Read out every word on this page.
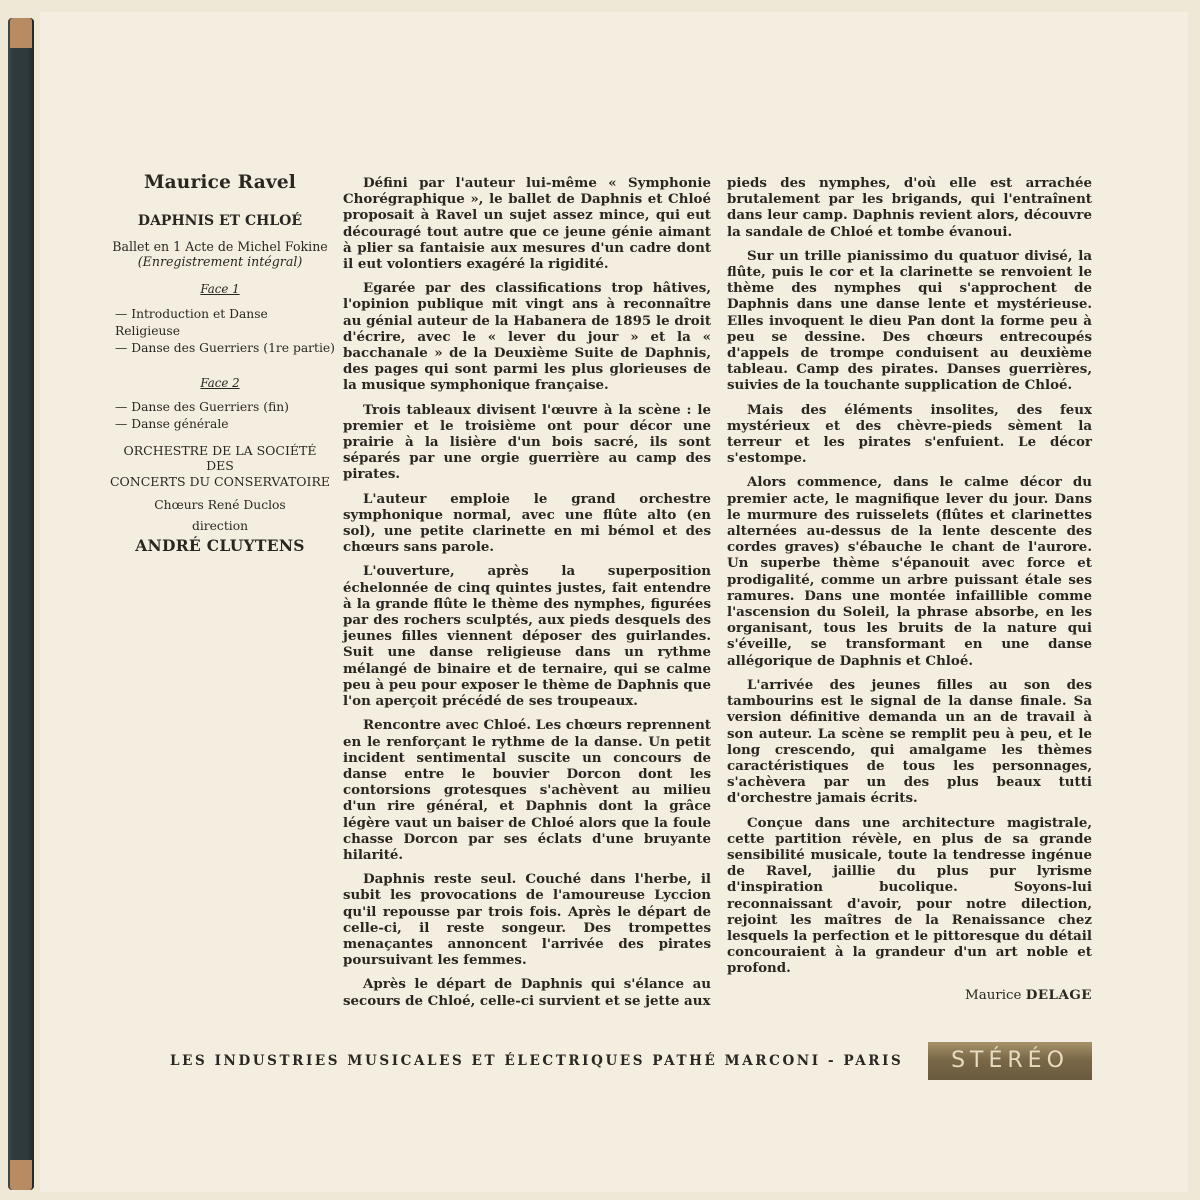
Maurice Ravel
DAPHNIS ET CHLOÉ
Ballet en 1 Acte de Michel Fokine
(Enregistrement intégral)
Face 1
— Introduction et Danse Religieuse
— Danse des Guerriers (1re partie)
Face 2
— Danse des Guerriers (fin)
— Danse générale
ORCHESTRE DE LA SOCIÉTÉ
DES
CONCERTS DU CONSERVATOIRE
Chœurs René Duclos
direction
ANDRÉ CLUYTENS

Défini par l'auteur lui-même « Symphonie Chorégraphique », le ballet de Daphnis et Chloé proposait à Ravel un sujet assez mince, qui eut découragé tout autre que ce jeune génie aimant à plier sa fantaisie aux mesures d'un cadre dont il eut volontiers exagéré la rigidité.

Egarée par des classifications trop hâtives, l'opinion publique mit vingt ans à reconnaître au génial auteur de la Habanera de 1895 le droit d'écrire, avec le « lever du jour » et la « bacchanale » de la Deuxième Suite de Daphnis, des pages qui sont parmi les plus glorieuses de la musique symphonique française.

Trois tableaux divisent l'œuvre à la scène : le premier et le troisième ont pour décor une prairie à la lisière d'un bois sacré, ils sont séparés par une orgie guerrière au camp des pirates.

L'auteur emploie le grand orchestre symphonique normal, avec une flûte alto (en sol), une petite clarinette en mi bémol et des chœurs sans parole.

L'ouverture, après la superposition échelonnée de cinq quintes justes, fait entendre à la grande flûte le thème des nymphes, figurées par des rochers sculptés, aux pieds desquels des jeunes filles viennent déposer des guirlandes. Suit une danse religieuse dans un rythme mélangé de binaire et de ternaire, qui se calme peu à peu pour exposer le thème de Daphnis que l'on aperçoit précédé de ses troupeaux.

Rencontre avec Chloé. Les chœurs reprennent en le renforçant le rythme de la danse. Un petit incident sentimental suscite un concours de danse entre le bouvier Dorcon dont les contorsions grotesques s'achèvent au milieu d'un rire général, et Daphnis dont la grâce légère vaut un baiser de Chloé alors que la foule chasse Dorcon par ses éclats d'une bruyante hilarité.

Daphnis reste seul. Couché dans l'herbe, il subit les provocations de l'amoureuse Lyccion qu'il repousse par trois fois. Après le départ de celle-ci, il reste songeur. Des trompettes menaçantes annoncent l'arrivée des pirates poursuivant les femmes.

Après le départ de Daphnis qui s'élance au secours de Chloé, celle-ci survient et se jette aux

pieds des nymphes, d'où elle est arrachée brutalement par les brigands, qui l'entraînent dans leur camp. Daphnis revient alors, découvre la sandale de Chloé et tombe évanoui.

Sur un trille pianissimo du quatuor divisé, la flûte, puis le cor et la clarinette se renvoient le thème des nymphes qui s'approchent de Daphnis dans une danse lente et mystérieuse. Elles invoquent le dieu Pan dont la forme peu à peu se dessine. Des chœurs entrecoupés d'appels de trompe conduisent au deuxième tableau. Camp des pirates. Danses guerrières, suivies de la touchante supplication de Chloé.

Mais des éléments insolites, des feux mystérieux et des chèvre-pieds sèment la terreur et les pirates s'enfuient. Le décor s'estompe.

Alors commence, dans le calme décor du premier acte, le magnifique lever du jour. Dans le murmure des ruisselets (flûtes et clarinettes alternées au-dessus de la lente descente des cordes graves) s'ébauche le chant de l'aurore. Un superbe thème s'épanouit avec force et prodigalité, comme un arbre puissant étale ses ramures. Dans une montée infaillible comme l'ascension du Soleil, la phrase absorbe, en les organisant, tous les bruits de la nature qui s'éveille, se transformant en une danse allégorique de Daphnis et Chloé.

L'arrivée des jeunes filles au son des tambourins est le signal de la danse finale. Sa version définitive demanda un an de travail à son auteur. La scène se remplit peu à peu, et le long crescendo, qui amalgame les thèmes caractéristiques de tous les personnages, s'achèvera par un des plus beaux tutti d'orchestre jamais écrits.

Conçue dans une architecture magistrale, cette partition révèle, en plus de sa grande sensibilité musicale, toute la tendresse ingénue de Ravel, jaillie du plus pur lyrisme d'inspiration bucolique. Soyons-lui reconnaissant d'avoir, pour notre dilection, rejoint les maîtres de la Renaissance chez lesquels la perfection et le pittoresque du détail concouraient à la grandeur d'un art noble et profond.

Maurice DELAGE
LES INDUSTRIES MUSICALES ET ÉLECTRIQUES PATHÉ MARCONI - PARIS	STÉRÉO
